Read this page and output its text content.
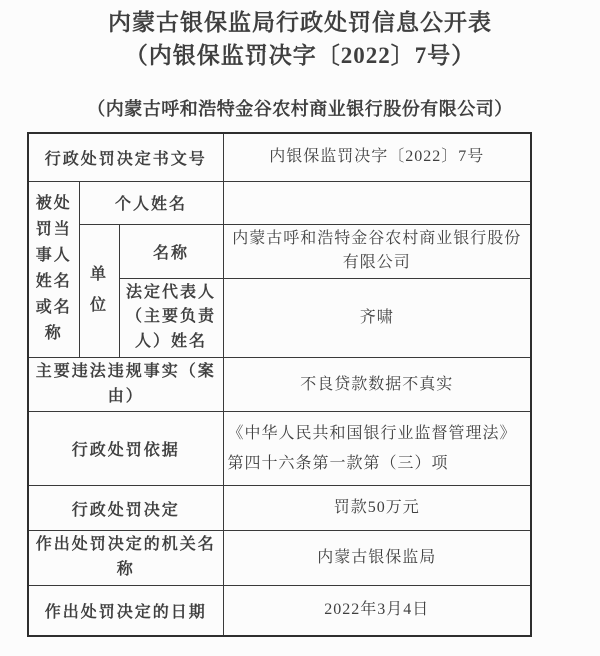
内蒙古银保监局行政处罚信息公开表
（内银保监罚决字〔2022〕7号）
（内蒙古呼和浩特金谷农村商业银行股份有限公司）
行政处罚决定书文号			内银保监罚决字〔2022〕7号
被处罚当事人姓名或名称	个人姓名		
	单位	名称	内蒙古呼和浩特金谷农村商业银行股份有限公司
		法定代表人（主要负责人）姓名	齐啸
主要违法违规事实（案由）			不良贷款数据不真实
行政处罚依据			《中华人民共和国银行业监督管理法》
第四十六条第一款第（三）项

行政处罚决定			罚款50万元
作出处罚决定的机关名称			内蒙古银保监局
作出处罚决定的日期			2022年3月4日
